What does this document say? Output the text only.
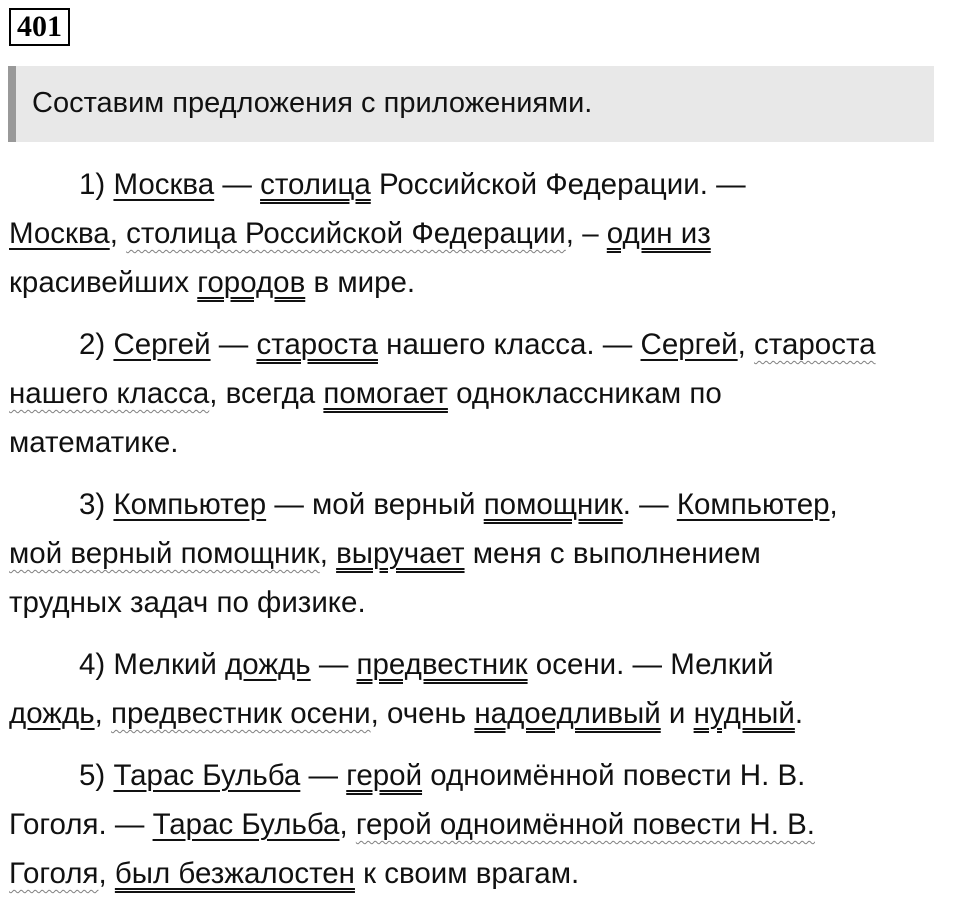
401
Составим предложения с приложениями.
1) Москва — столица Российской Федерации. —
Москва, столица Российской Федерации, – один из
красивейших городов в мире.
2) Сергей — староста нашего класса. — Сергей, староста
нашего класса, всегда помогает одноклассникам по
математике.
3) Компьютер — мой верный помощник. — Компьютер,
мой верный помощник, выручает меня с выполнением
трудных задач по физике.
4) Мелкий дождь — предвестник осени. — Мелкий
дождь, предвестник осени, очень надоедливый и нудный.
5) Тарас Бульба — герой одноимённой повести Н. В.
Гоголя. — Тарас Бульба, герой одноимённой повести Н. В.
Гоголя, был безжалостен к своим врагам.
